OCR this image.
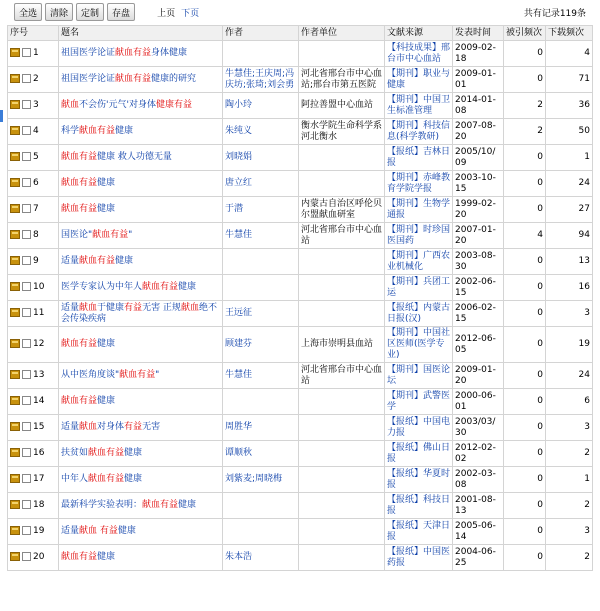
全选	清除	定制	存盘	上页 下页	共有记录119条
序号	题名	作者	作者单位	文献来源	发表时间	被引频次	下载频次
1	祖国医学论证献血有益身体健康			【科技成果】邢台市中心血站	2009-02-18	0	4
2	祖国医学论证献血有益健康的研究	牛慧佳;王庆周;冯庆坊;张琦;刘会勇	河北省邢台市中心血站;邢台市第五医院	【期刊】职业与健康	2009-01-01	0	71
3	献血不会伤'元气'对身体健康有益	陶小玲	阿拉善盟中心血站	【期刊】中国卫生标准管理	2014-01-08	2	36
4	科学献血有益健康	朱纯义	衡水学院生命科学系 河北衡水	【期刊】科技信息(科学教研)	2007-08-20	2	50
5	献血有益健康 救人功德无量	刘晓娟		【报纸】吉林日报	2005/10/09	0	1
6	献血有益健康	唐立红		【期刊】赤峰教育学院学报	2003-10-15	0	24
7	献血有益健康	于潜	内蒙古自治区呼伦贝尔盟献血研室	【期刊】生物学通报	1999-02-20	0	27
8	国医论"献血有益"	牛慧佳	河北省邢台市中心血站	【期刊】时珍国医国药	2007-01-20	4	94
9	适量献血有益健康			【期刊】广西农业机械化	2003-08-30	0	13
10	医学专家认为中年人献血有益健康			【期刊】兵团工运	2002-06-15	0	16
11	适量献血于健康有益无害 正规献血绝不会传染疾病	王远征		【报纸】内蒙古日报(汉)	2006-02-15	0	3
12	献血有益健康	顾建芬	上海市崇明县血站	【期刊】中国社区医师(医学专业)	2012-06-05	0	19
13	从中医角度谈"献血有益"	牛慧佳	河北省邢台市中心血站	【期刊】国医论坛	2009-01-20	0	24
14	献血有益健康			【期刊】武警医学	2000-06-01	0	6
15	适量献血对身体有益无害	周胜华		【报纸】中国电力报	2003/03/30	0	3
16	扶贫如献血有益健康	谭顺秋		【报纸】佛山日报	2012-02-02	0	2
17	中年人献血有益健康	刘紫麦;周晓梅		【报纸】华夏时报	2002-03-08	0	1
18	最新科学实验表明：献血有益健康			【报纸】科技日报	2001-08-13	0	2
19	适量献血 有益健康			【报纸】天津日报	2005-06-14	0	3
20	献血有益健康	朱本浩		【报纸】中国医药报	2004-06-25	0	2
